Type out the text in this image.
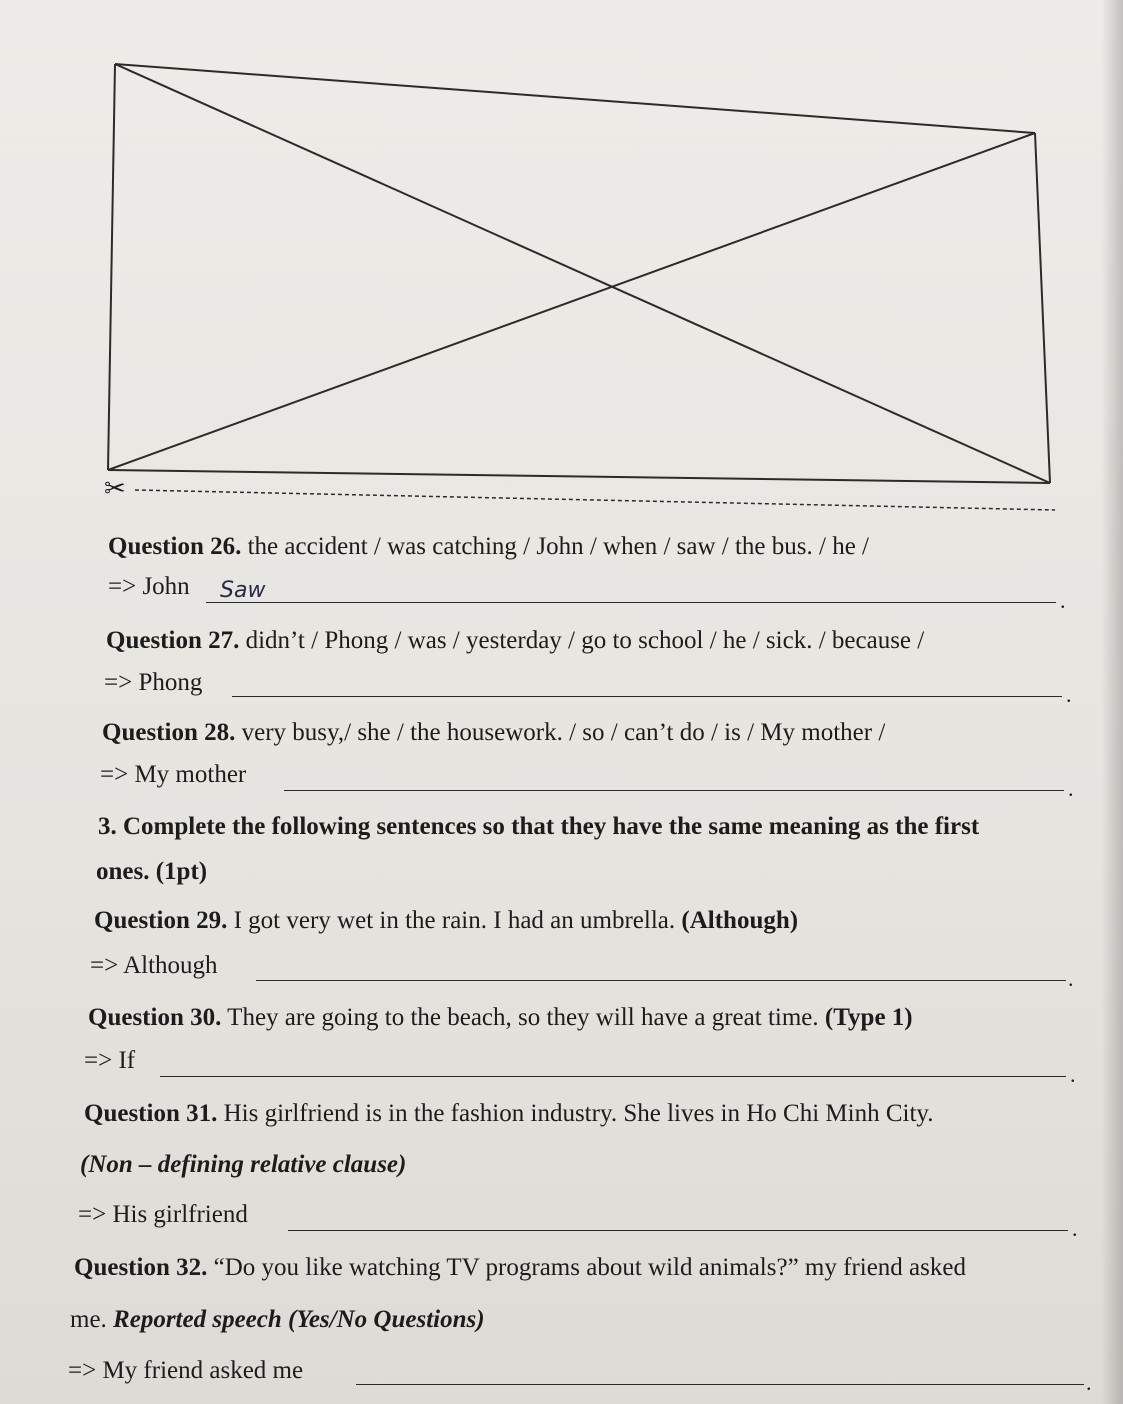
✂
Question 26. the accident / was catching / John / when / saw / the bus. / he /
=> John Saw	.
Question 27. didn’t / Phong / was / yesterday / go to school / he / sick. / because /
=> Phong	.
Question 28. very busy,/ she / the housework. / so / can’t do / is / My mother /
=> My mother
.
3. Complete the following sentences so that they have the same meaning as the first
ones. (1pt)
Question 29. I got very wet in the rain. I had an umbrella. (Although)
=> Although	.
Question 30. They are going to the beach, so they will have a great time. (Type 1)
=> If
.
Question 31. His girlfriend is in the fashion industry. She lives in Ho Chi Minh City.
(Non – defining relative clause)
=> His girlfriend
.
Question 32. “Do you like watching TV programs about wild animals?” my friend asked
me. Reported speech (Yes/No Questions)
=> My friend asked me	.
